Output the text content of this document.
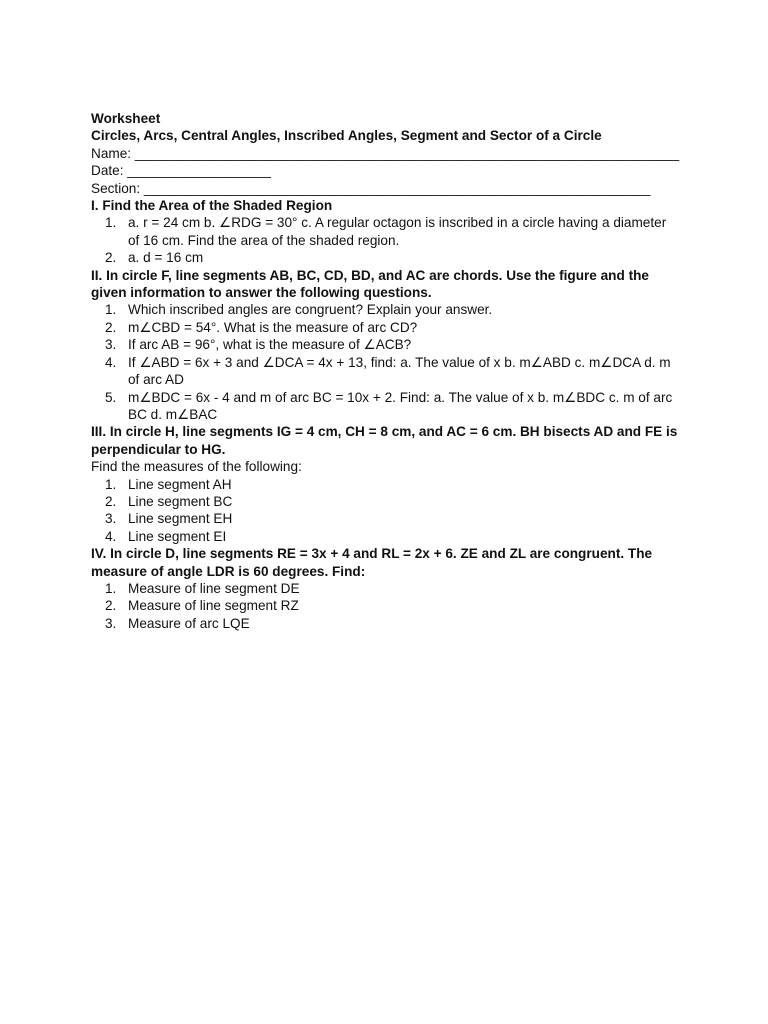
Worksheet
Circles, Arcs, Central Angles, Inscribed Angles, Segment and Sector of a Circle
Name: ________________________________________________________________________
Date: ___________________
Section: ___________________________________________________________________
I. Find the Area of the Shaded Region
1. a. r = 24 cm b. ∠RDG = 30° c. A regular octagon is inscribed in a circle having a diameter of 16 cm. Find the area of the shaded region.
2. a. d = 16 cm
II. In circle F, line segments AB, BC, CD, BD, and AC are chords. Use the figure and the given information to answer the following questions.
1. Which inscribed angles are congruent? Explain your answer.
2. m∠CBD = 54°. What is the measure of arc CD?
3. If arc AB = 96°, what is the measure of ∠ACB?
4. If ∠ABD = 6x + 3 and ∠DCA = 4x + 13, find: a. The value of x b. m∠ABD c. m∠DCA d. m of arc AD
5. m∠BDC = 6x - 4 and m of arc BC = 10x + 2. Find: a. The value of x b. m∠BDC c. m of arc BC d. m∠BAC
III. In circle H, line segments IG = 4 cm, CH = 8 cm, and AC = 6 cm. BH bisects AD and FE is perpendicular to HG.
Find the measures of the following:
1. Line segment AH
2. Line segment BC
3. Line segment EH
4. Line segment EI
IV. In circle D, line segments RE = 3x + 4 and RL = 2x + 6. ZE and ZL are congruent. The measure of angle LDR is 60 degrees. Find:
1. Measure of line segment DE
2. Measure of line segment RZ
3. Measure of arc LQE
